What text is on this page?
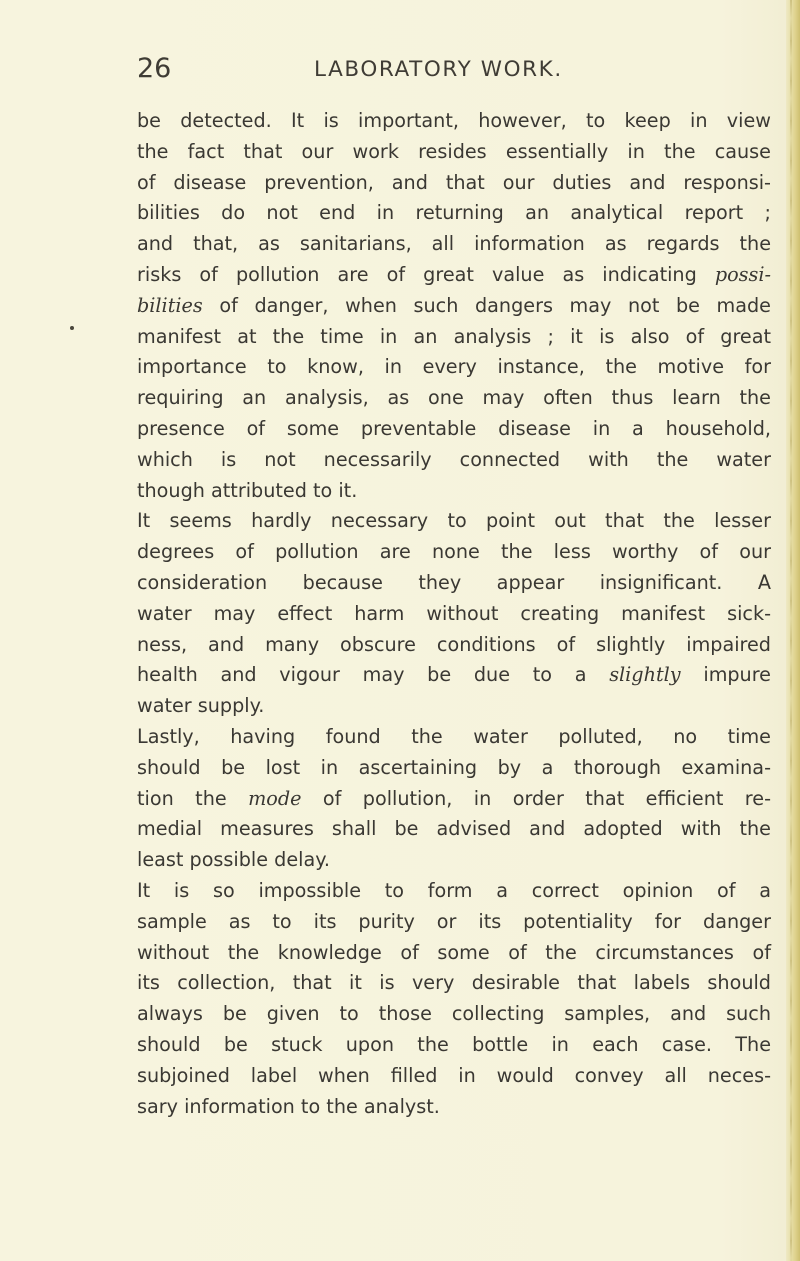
26	LABORATORY WORK.
be detected. It is important, however, to keep in view
the fact that our work resides essentially in the cause
of disease prevention, and that our duties and responsi-
bilities do not end in returning an analytical report ;
and that, as sanitarians, all information as regards the
risks of pollution are of great value as indicating possi-
bilities of danger, when such dangers may not be made
manifest at the time in an analysis ; it is also of great
importance to know, in every instance, the motive for
requiring an analysis, as one may often thus learn the
presence of some preventable disease in a household,
which is not necessarily connected with the water
though attributed to it.
It seems hardly necessary to point out that the lesser
degrees of pollution are none the less worthy of our
consideration because they appear insignificant. A
water may effect harm without creating manifest sick-
ness, and many obscure conditions of slightly impaired
health and vigour may be due to a slightly impure
water supply.
Lastly, having found the water polluted, no time
should be lost in ascertaining by a thorough examina-
tion the mode of pollution, in order that efficient re-
medial measures shall be advised and adopted with the
least possible delay.
It is so impossible to form a correct opinion of a
sample as to its purity or its potentiality for danger
without the knowledge of some of the circumstances of
its collection, that it is very desirable that labels should
always be given to those collecting samples, and such
should be stuck upon the bottle in each case. The
subjoined label when filled in would convey all neces-
sary information to the analyst.
